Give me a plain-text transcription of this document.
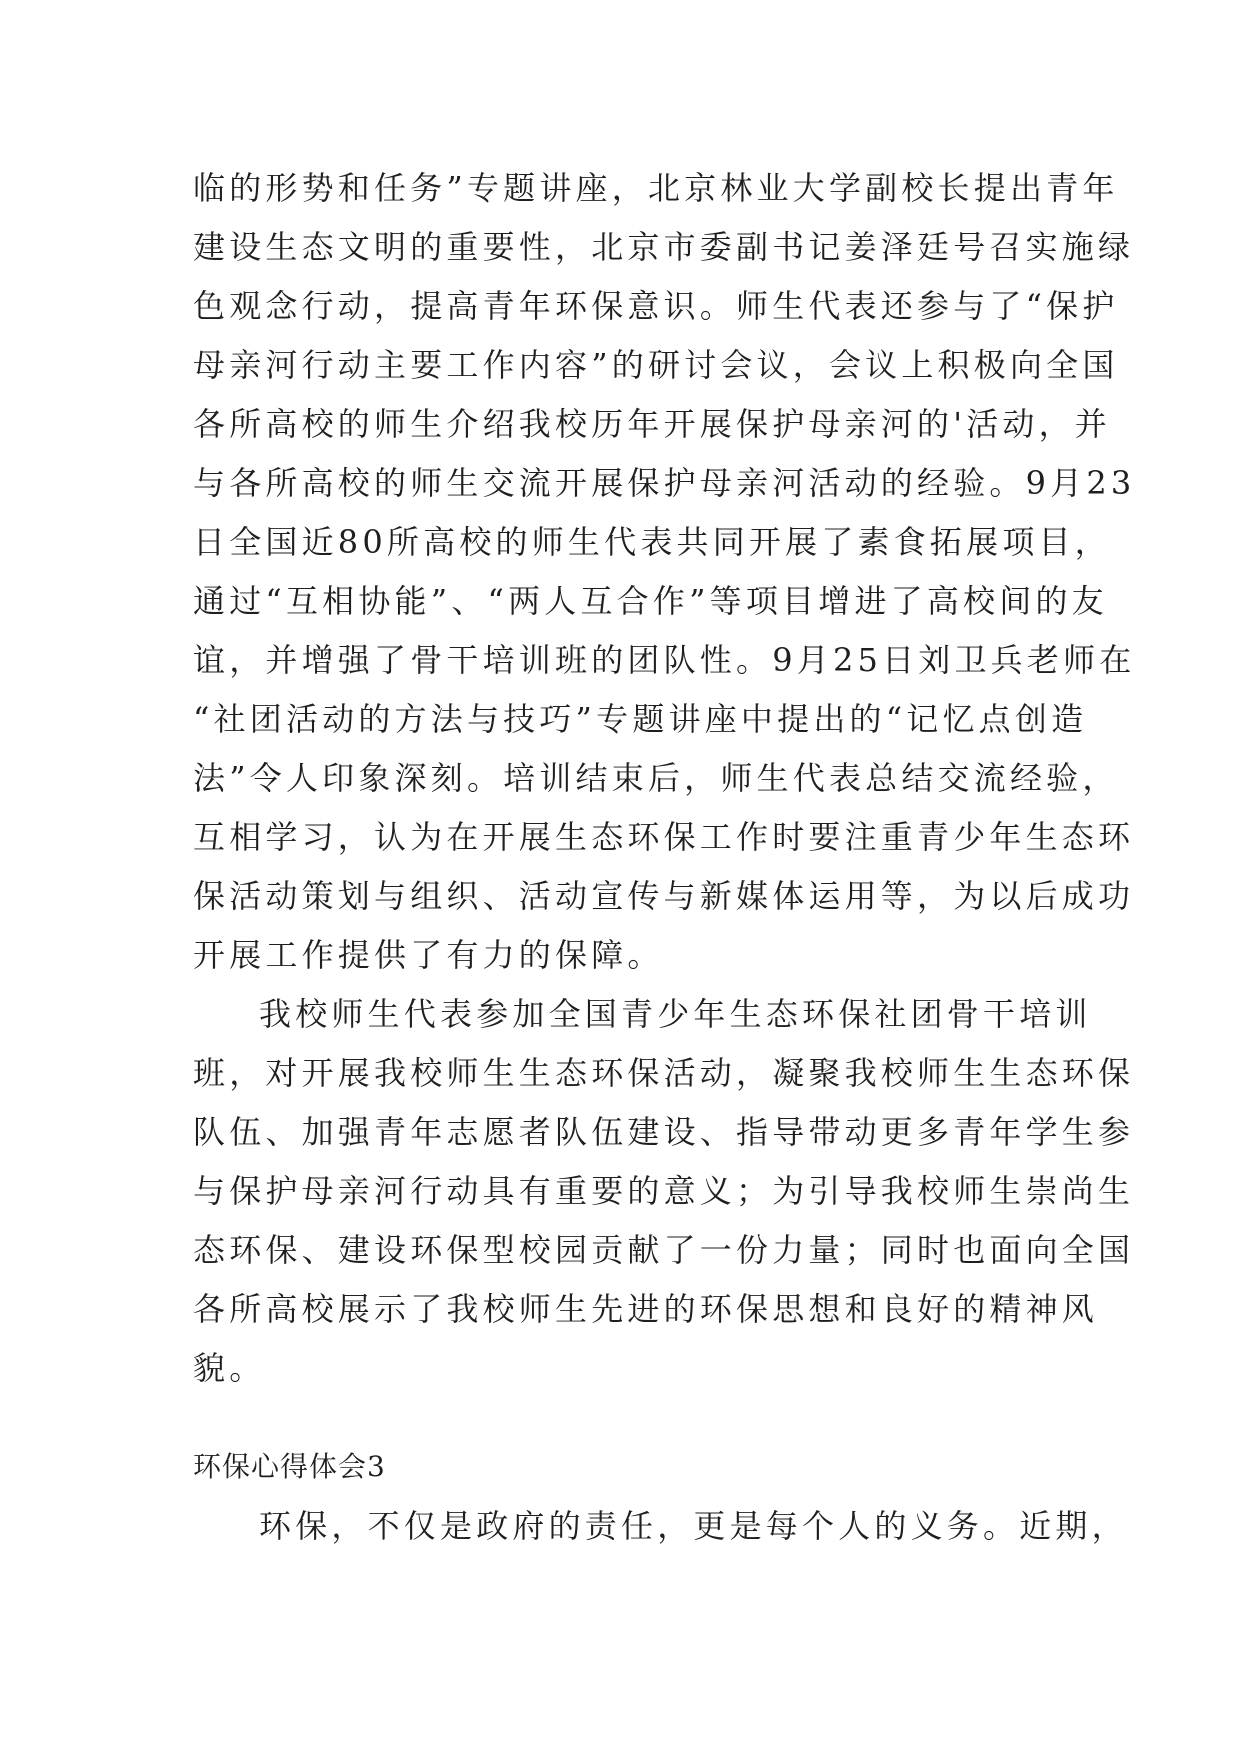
临的形势和任务”专题讲座，北京林业大学副校长提出青年
建设生态文明的重要性，北京市委副书记姜泽廷号召实施绿
色观念行动，提高青年环保意识。师生代表还参与了“保护
母亲河行动主要工作内容”的研讨会议，会议上积极向全国
各所高校的师生介绍我校历年开展保护母亲河的'活动，并
与各所高校的师生交流开展保护母亲河活动的经验。9月23
日全国近80所高校的师生代表共同开展了素食拓展项目，
通过“互相协能”、“两人互合作”等项目增进了高校间的友
谊，并增强了骨干培训班的团队性。9月25日刘卫兵老师在
“社团活动的方法与技巧”专题讲座中提出的“记忆点创造
法”令人印象深刻。培训结束后，师生代表总结交流经验，
互相学习，认为在开展生态环保工作时要注重青少年生态环
保活动策划与组织、活动宣传与新媒体运用等，为以后成功
开展工作提供了有力的保障。
我校师生代表参加全国青少年生态环保社团骨干培训
班，对开展我校师生生态环保活动，凝聚我校师生生态环保
队伍、加强青年志愿者队伍建设、指导带动更多青年学生参
与保护母亲河行动具有重要的意义；为引导我校师生崇尚生
态环保、建设环保型校园贡献了一份力量；同时也面向全国
各所高校展示了我校师生先进的环保思想和良好的精神风
貌。
环保心得体会3
环保，不仅是政府的责任，更是每个人的义务。近期，
